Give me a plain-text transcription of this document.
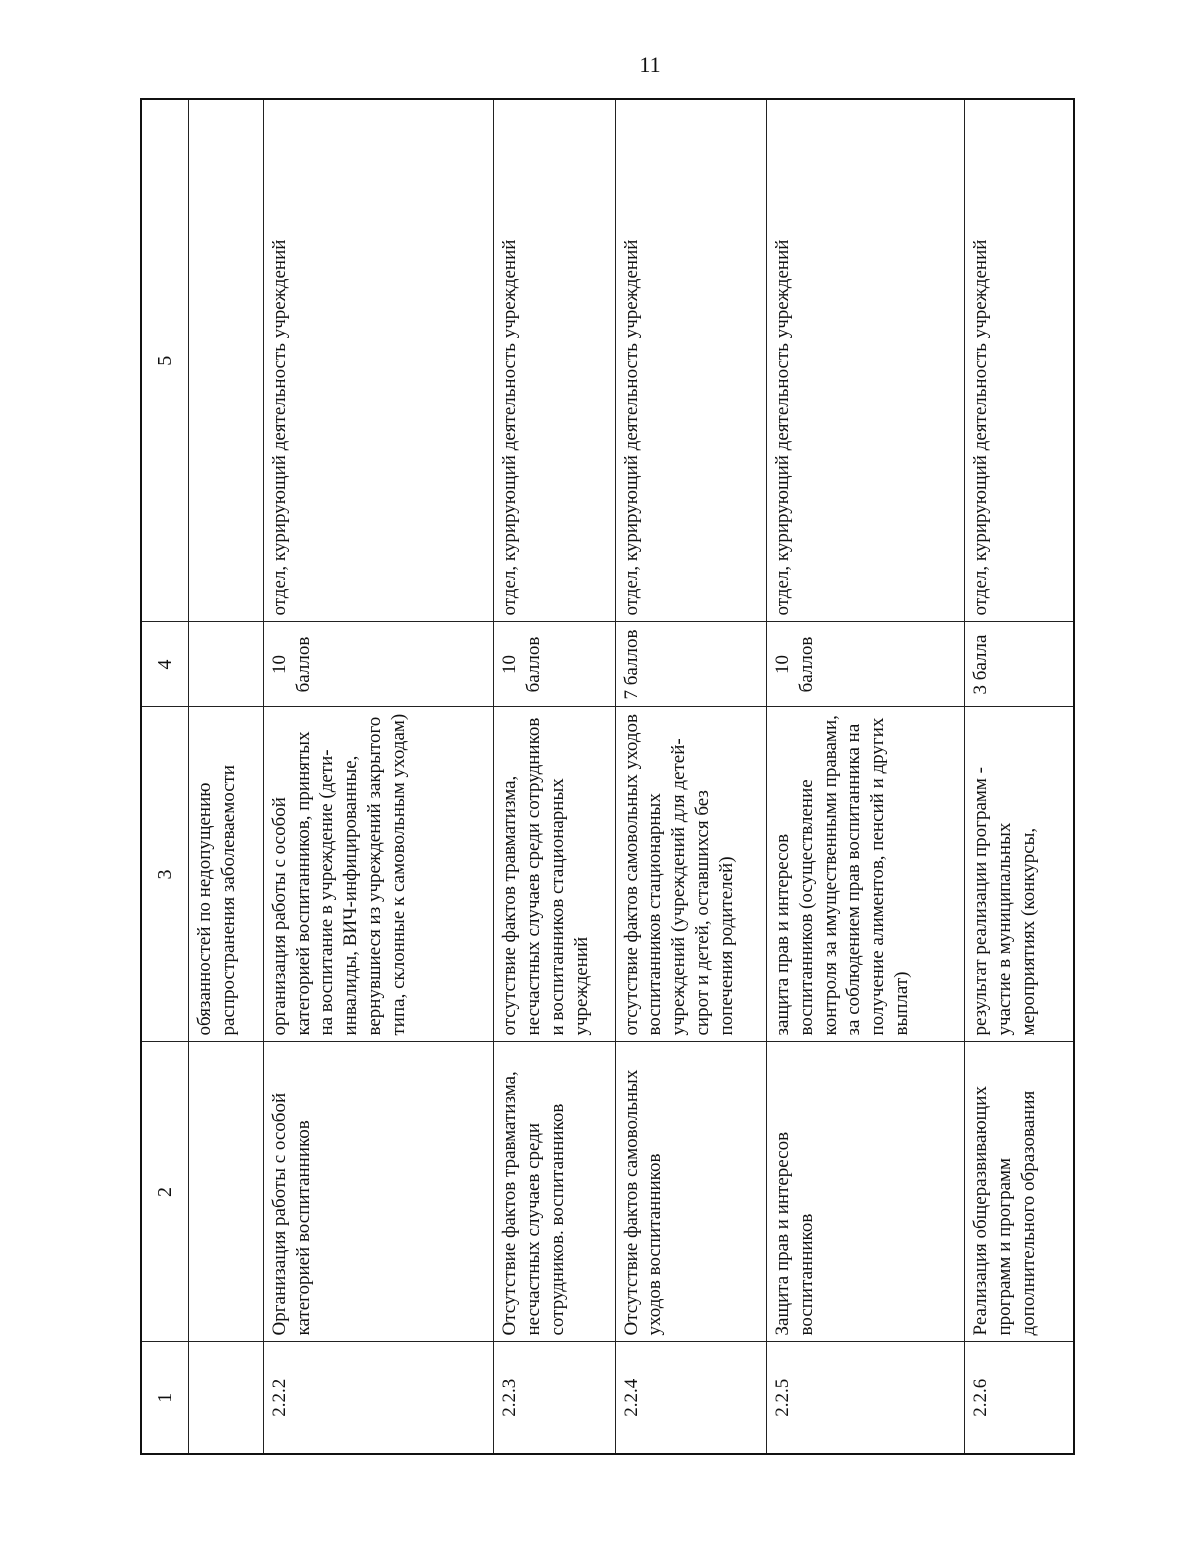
11
1	2	3	4	5
		обязанностей по недопущению распространения заболеваемости		
2.2.2	Организация работы с особой категорией воспитанников	организация работы с особой категорией воспитанников, принятых на воспитание в учреждение (дети-инвалиды, ВИЧ-инфицированные, вернувшиеся из учреждений закрытого типа, склонные к самовольным уходам)	10 баллов	отдел, курирующий деятельность учреждений
2.2.3	Отсутствие фактов травматизма, несчастных случаев среди сотрудников. воспитанников	отсутствие фактов травматизма, несчастных случаев среди сотрудников и воспитанников стационарных учреждений	10 баллов	отдел, курирующий деятельность учреждений
2.2.4	Отсутствие фактов самовольных уходов воспитанников	отсутствие фактов самовольных уходов воспитанников стационарных учреждений (учреждений для детей-сирот и детей, оставшихся без попечения родителей)	7 баллов	отдел, курирующий деятельность учреждений
2.2.5	Защита прав и интересов воспитанников	защита прав и интересов воспитанников (осуществление контроля за имущественными правами, за соблюдением прав воспитанника на получение алиментов, пенсий и других выплат)	10 баллов	отдел, курирующий деятельность учреждений
2.2.6	Реализация общеразвивающих программ и программ дополнительного образования	результат реализации программ - участие в муниципальных мероприятиях (конкурсы,	3 балла	отдел, курирующий деятельность учреждений
